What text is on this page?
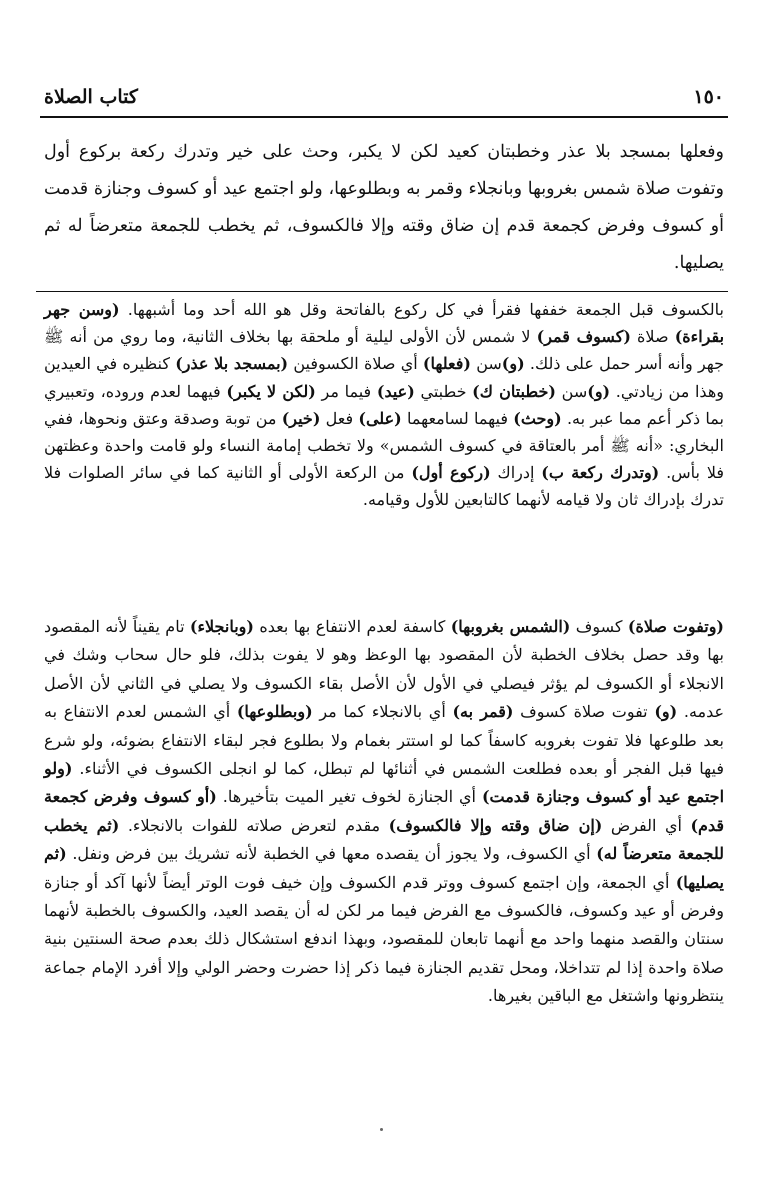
١٥٠
كتاب الصلاة

وفعلها بمسجد بلا عذر وخطبتان كعيد لكن لا يكبر، وحث على خير وتدرك ركعة بركوع أول وتفوت صلاة شمس بغروبها وبانجلاء وقمر به وبطلوعها، ولو اجتمع عيد أو كسوف وجنازة قدمت أو كسوف وفرض كجمعة قدم إن ضاق وقته وإلا فالكسوف، ثم يخطب للجمعة متعرضاً له ثم يصليها.

بالكسوف قبل الجمعة خففها فقرأ في كل ركوع بالفاتحة وقل هو الله أحد وما أشبهها. (وسن جهر بقراءة) صلاة (كسوف قمر) لا شمس لأن الأولى ليلية أو ملحقة بها بخلاف الثانية، وما روي من أنه ﷺ جهر وأنه أسر حمل على ذلك. (و)سن (فعلها) أي صلاة الكسوفين (بمسجد بلا عذر) كنظيره في العيدين وهذا من زيادتي. (و)سن (خطبتان ك) خطبتي (عيد) فيما مر (لكن لا يكبر) فيهما لعدم وروده، وتعبيري بما ذكر أعم مما عبر به. (وحث) فيهما لسامعهما (على) فعل (خير) من توبة وصدقة وعتق ونحوها، ففي البخاري: «أنه ﷺ أمر بالعتاقة في كسوف الشمس» ولا تخطب إمامة النساء ولو قامت واحدة وعظتهن فلا بأس. (وتدرك ركعة ب) إدراك (ركوع أول) من الركعة الأولى أو الثانية كما في سائر الصلوات فلا تدرك بإدراك ثان ولا قيامه لأنهما كالتابعين للأول وقيامه.

(وتفوت صلاة) كسوف (الشمس بغروبها) كاسفة لعدم الانتفاع بها بعده (وبانجلاء) تام يقيناً لأنه المقصود بها وقد حصل بخلاف الخطبة لأن المقصود بها الوعظ وهو لا يفوت بذلك، فلو حال سحاب وشك في الانجلاء أو الكسوف لم يؤثر فيصلي في الأول لأن الأصل بقاء الكسوف ولا يصلي في الثاني لأن الأصل عدمه. (و) تفوت صلاة كسوف (قمر به) أي بالانجلاء كما مر (وبطلوعها) أي الشمس لعدم الانتفاع به بعد طلوعها فلا تفوت بغروبه كاسفاً كما لو استتر بغمام ولا بطلوع فجر لبقاء الانتفاع بضوئه، ولو شرع فيها قبل الفجر أو بعده فطلعت الشمس في أثنائها لم تبطل، كما لو انجلى الكسوف في الأثناء. (ولو اجتمع عيد أو كسوف وجنازة قدمت) أي الجنازة لخوف تغير الميت بتأخيرها. (أو كسوف وفرض كجمعة قدم) أي الفرض (إن ضاق وقته وإلا فالكسوف) مقدم لتعرض صلاته للفوات بالانجلاء. (ثم يخطب للجمعة متعرضاً له) أي الكسوف، ولا يجوز أن يقصده معها في الخطبة لأنه تشريك بين فرض ونفل. (ثم يصليها) أي الجمعة، وإن اجتمع كسوف ووتر قدم الكسوف وإن خيف فوت الوتر أيضاً لأنها آكد أو جنازة وفرض أو عيد وكسوف، فالكسوف مع الفرض فيما مر لكن له أن يقصد العيد، والكسوف بالخطبة لأنهما سنتان والقصد منهما واحد مع أنهما تابعان للمقصود، وبهذا اندفع استشكال ذلك بعدم صحة السنتين بنية صلاة واحدة إذا لم تتداخلا، ومحل تقديم الجنازة فيما ذكر إذا حضرت وحضر الولي وإلا أفرد الإمام جماعة ينتظرونها واشتغل مع الباقين بغيرها.
